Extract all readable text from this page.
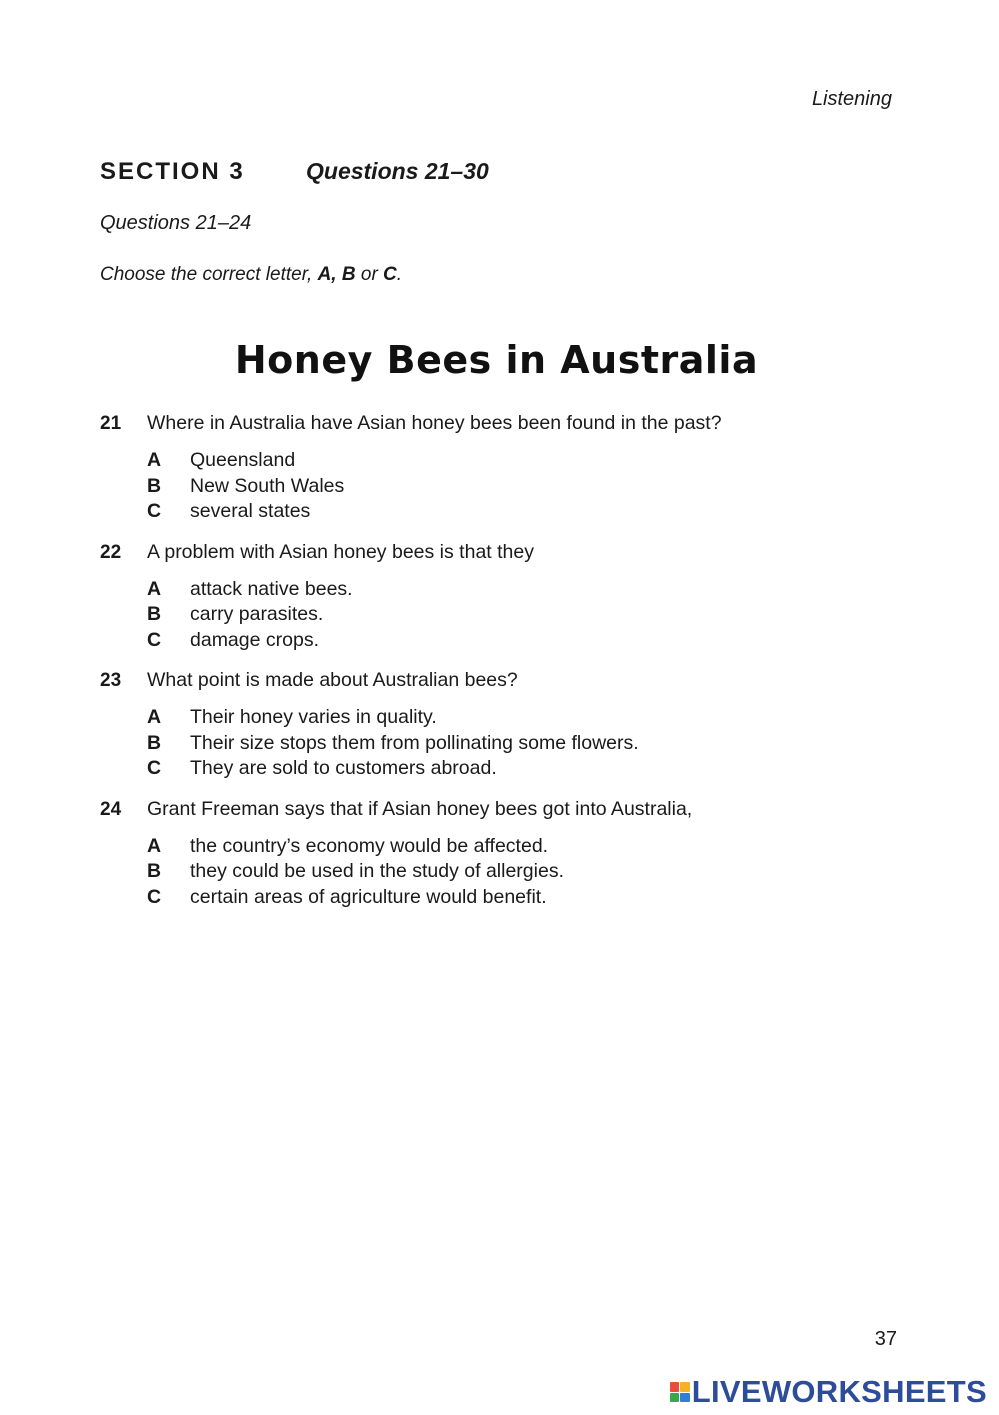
Listening
SECTION 3	Questions 21–30
Questions 21–24
Choose the correct letter, A, B or C.
Honey Bees in Australia
21	Where in Australia have Asian honey bees been found in the past?
A	Queensland
B	New South Wales
C	several states
22	A problem with Asian honey bees is that they
A	attack native bees.
B	carry parasites.
C	damage crops.
23	What point is made about Australian bees?
A	Their honey varies in quality.
B	Their size stops them from pollinating some flowers.
C	They are sold to customers abroad.
24	Grant Freeman says that if Asian honey bees got into Australia,
A	the country’s economy would be affected.
B	they could be used in the study of allergies.
C	certain areas of agriculture would benefit.
37
LIVEWORKSHEETS
